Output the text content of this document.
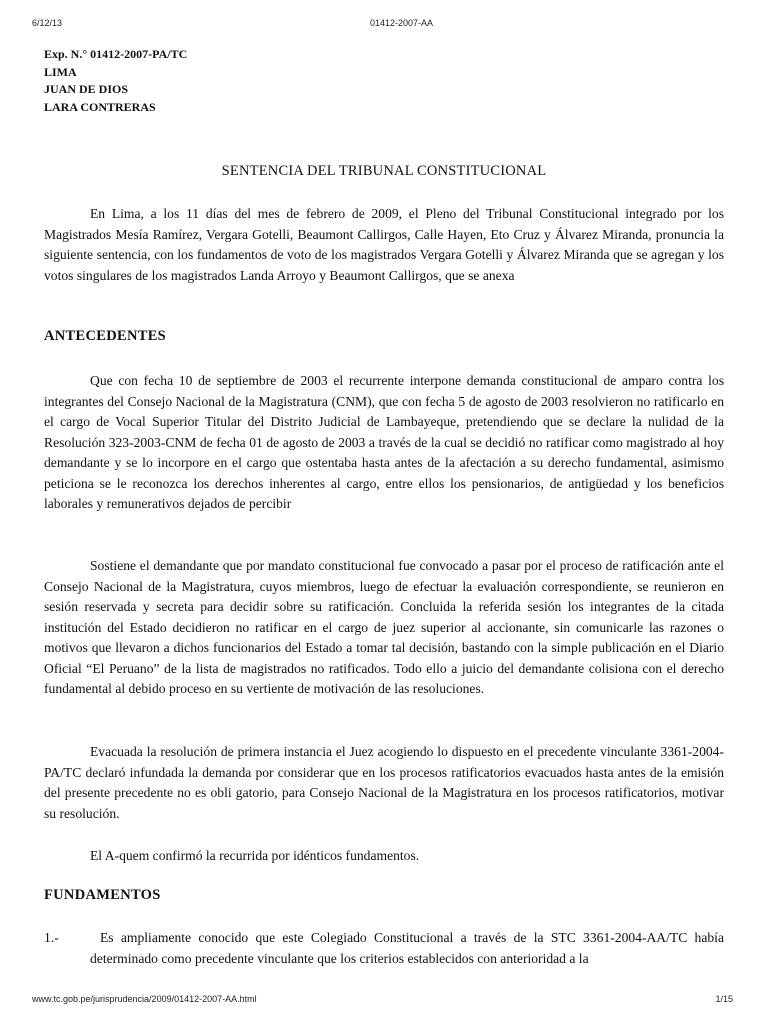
6/12/13	01412-2007-AA
Exp. N.° 01412-2007-PA/TC
LIMA
JUAN DE DIOS
LARA CONTRERAS
SENTENCIA DEL TRIBUNAL CONSTITUCIONAL

En Lima, a los 11 días del mes de febrero de 2009, el Pleno del Tribunal Constitucional integrado por los Magistrados Mesía Ramírez, Vergara Gotelli, Beaumont Callirgos, Calle Hayen, Eto Cruz y Álvarez Miranda, pronuncia la siguiente sentencia, con los fundamentos de voto de los magistrados Vergara Gotelli y Álvarez Miranda que se agregan y los votos singulares de los magistrados Landa Arroyo y Beaumont Callirgos, que se anexa

ANTECEDENTES

Que con fecha 10 de septiembre de 2003 el recurrente interpone demanda constitucional de amparo contra los integrantes del Consejo Nacional de la Magistratura (CNM), que con fecha 5 de agosto de 2003 resolvieron no ratificarlo en el cargo de Vocal Superior Titular del Distrito Judicial de Lambayeque, pretendiendo que se declare la nulidad de la Resolución 323-2003-CNM de fecha 01 de agosto de 2003 a través de la cual se decidió no ratificar como magistrado al hoy demandante y se lo incorpore en el cargo que ostentaba hasta antes de la afectación a su derecho fundamental, asimismo peticiona se le reconozca los derechos inherentes al cargo, entre ellos los pensionarios, de antigüedad y los beneficios laborales y remunerativos dejados de percibir

Sostiene el demandante que por mandato constitucional fue convocado a pasar por el proceso de ratificación ante el Consejo Nacional de la Magistratura, cuyos miembros, luego de efectuar la evaluación correspondiente, se reunieron en sesión reservada y secreta para decidir sobre su ratificación. Concluida la referida sesión los integrantes de la citada institución del Estado decidieron no ratificar en el cargo de juez superior al accionante, sin comunicarle las razones o motivos que llevaron a dichos funcionarios del Estado a tomar tal decisión, bastando con la simple publicación en el Diario Oficial “El Peruano” de la lista de magistrados no ratificados. Todo ello a juicio del demandante colisiona con el derecho fundamental al debido proceso en su vertiente de motivación de las resoluciones.

Evacuada la resolución de primera instancia el Juez acogiendo lo dispuesto en el precedente vinculante 3361-2004-PA/TC declaró infundada la demanda por considerar que en los procesos ratificatorios evacuados hasta antes de la emisión del presente precedente no es obli gatorio, para Consejo Nacional de la Magistratura en los procesos ratificatorios, motivar su resolución.

El A-quem confirmó la recurrida por idénticos fundamentos.

FUNDAMENTOS
1.-	Es ampliamente conocido que este Colegiado Constitucional a través de la STC 3361-2004-AA/TC había determinado como precedente vinculante que los criterios establecidos con anterioridad a la
www.tc.gob.pe/jurisprudencia/2009/01412-2007-AA.html	1/15
